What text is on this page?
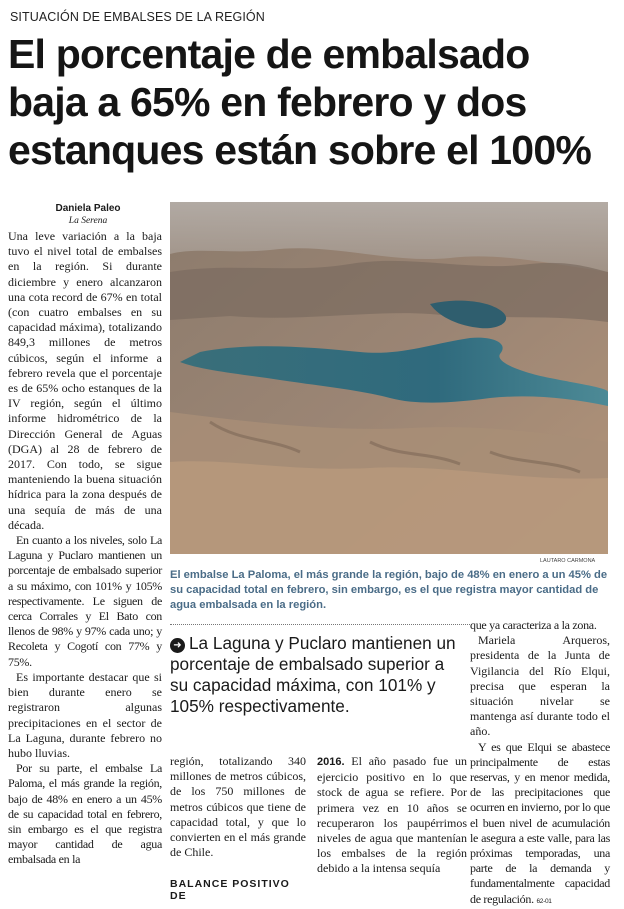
SITUACIÓN DE EMBALSES DE LA REGIÓN
El porcentaje de embalsado
baja a 65% en febrero y dos
estanques están sobre el 100%
Daniela Paleo
La Serena

Una leve variación a la baja tuvo el nivel total de embalses en la región. Si durante diciembre y enero alcanzaron una cota record de 67% en total (con cuatro embalses en su capacidad máxima), totalizando 849,3 millones de metros cúbicos, según el informe a febrero revela que el porcentaje es de 65% ocho estanques de la IV región, según el último informe hidrométrico de la Dirección General de Aguas (DGA) al 28 de febrero de 2017. Con todo, se sigue manteniendo la buena situación hídrica para la zona después de una sequía de más de una década.

En cuanto a los niveles, solo La Laguna y Puclaro mantienen un porcentaje de embalsado superior a su máximo, con 101% y 105% respectivamente. Le siguen de cerca Corrales y El Bato con llenos de 98% y 97% cada uno; y Recoleta y Cogotí con 77% y 75%.

Es importante destacar que si bien durante enero se registraron algunas precipitaciones en el sector de La Laguna, durante febrero no hubo lluvias.

Por su parte, el embalse La Paloma, el más grande la región, bajo de 48% en enero a un 45% de su capacidad total en febrero, sin embargo es el que registra mayor cantidad de agua embalsada en la

LAUTARO CARMONA
El embalse La Paloma, el más grande la región, bajo de 48% en enero a un 45% de su capacidad total en febrero, sin embargo, es el que registra mayor cantidad de agua embalsada en la región.
➜ La Laguna y Puclaro mantienen un porcentaje de embalsado superior a su capacidad máxima, con 101% y 105% respectivamente.

región, totalizando 340 millones de metros cúbicos, de los 750 millones de metros cúbicos que tiene de capacidad total, y que lo convierten en el más grande de Chile.

BALANCE POSITIVO DE

2016. El año pasado fue un ejercicio positivo en lo que stock de agua se refiere. Por primera vez en 10 años se recuperaron los paupérrimos niveles de agua que mantenían los embalses de la región debido a la intensa sequía

que ya caracteriza a la zona.

Mariela Arqueros, presidenta de la Junta de Vigilancia del Río Elqui, precisa que esperan la situación nivelar se mantenga así durante todo el año.

Y es que Elqui se abastece principalmente de estas reservas, y en menor medida, de las precipitaciones que ocurren en invierno, por lo que el buen nivel de acumulación le asegura a este valle, para las próximas temporadas, una parte de la demanda y fundamentalmente capacidad de regulación. 62-01
